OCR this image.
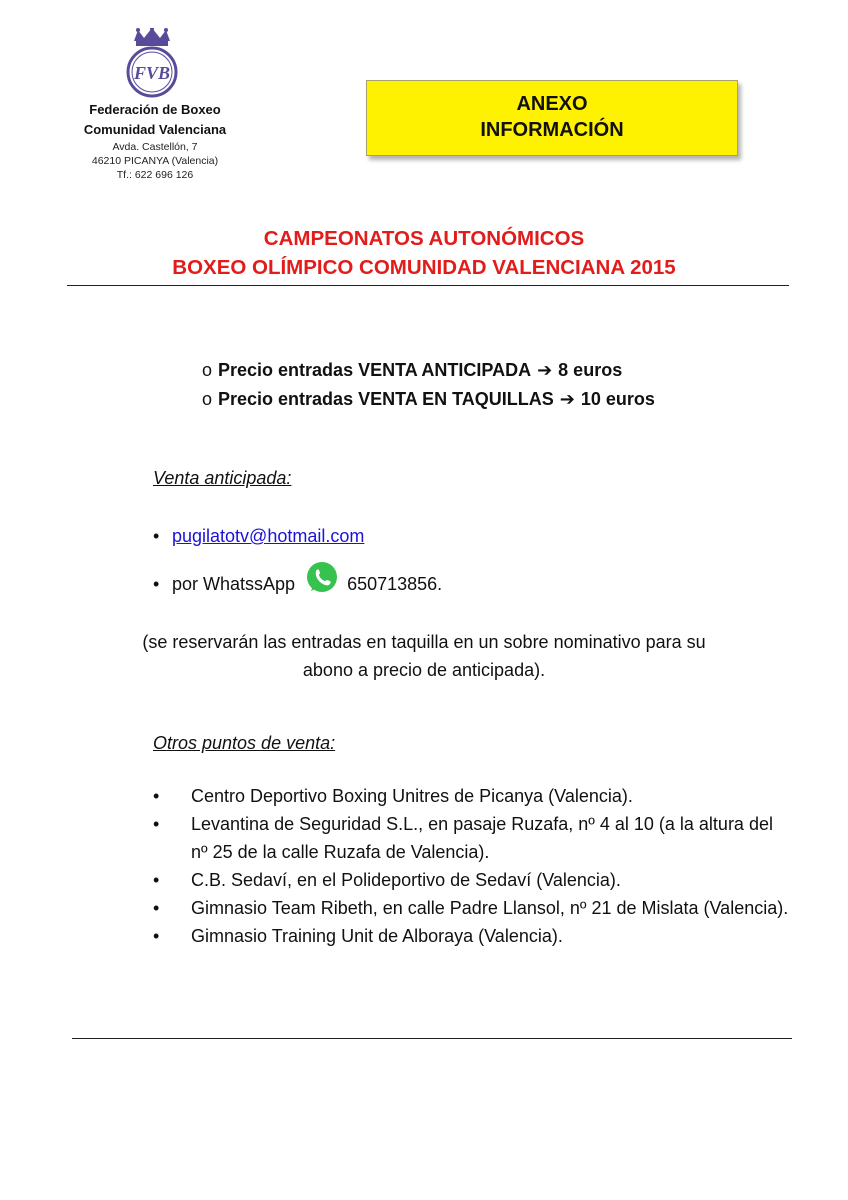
FVB
Federación de Boxeo
Comunidad Valenciana
Avda. Castellón, 7
46210 PICANYA (Valencia)
Tf.: 622 696 126
ANEXO
INFORMACIÓN
CAMPEONATOS AUTONÓMICOS
BOXEO OLÍMPICO COMUNIDAD VALENCIANA 2015
o Precio entradas VENTA ANTICIPADA ➔ 8 euros
o Precio entradas VENTA EN TAQUILLAS ➔ 10 euros
Venta anticipada:
• pugilatotv@hotmail.com
• por WhatssApp	650713856.
(se reservarán las entradas en taquilla en un sobre nominativo para su
abono a precio de anticipada).
Otros puntos de venta:
• Centro Deportivo Boxing Unitres de Picanya (Valencia).
• Levantina de Seguridad S.L., en pasaje Ruzafa, nº 4 al 10 (a la altura del nº 25 de la calle Ruzafa de Valencia).
• C.B. Sedaví, en el Polideportivo de Sedaví (Valencia).
• Gimnasio Team Ribeth, en calle Padre Llansol, nº 21 de Mislata (Valencia).
• Gimnasio Training Unit de Alboraya (Valencia).
